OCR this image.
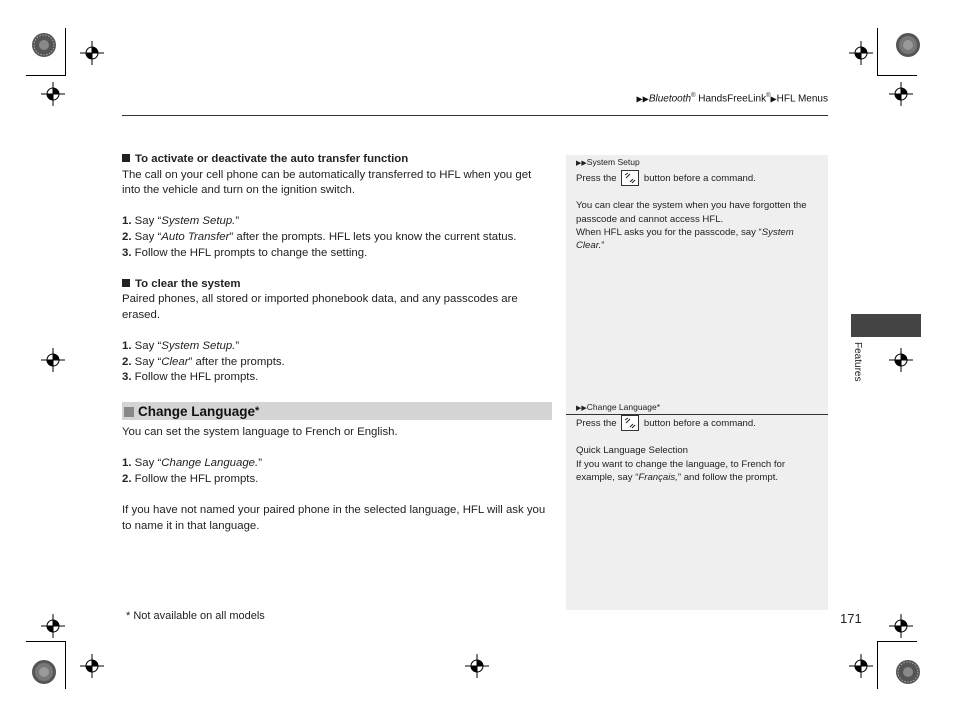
▶▶Bluetooth® HandsFreeLink®▶HFL Menus

To activate or deactivate the auto transfer function

The call on your cell phone can be automatically transferred to HFL when you get into the vehicle and turn on the ignition switch.

1. Say “System Setup.”

2. Say “Auto Transfer” after the prompts. HFL lets you know the current status.

3. Follow the HFL prompts to change the setting.

To clear the system

Paired phones, all stored or imported phonebook data, and any passcodes are erased.

1. Say “System Setup.”

2. Say “Clear” after the prompts.

3. Follow the HFL prompts.

Change Language*

You can set the system language to French or English.

1. Say “Change Language.”

2. Follow the HFL prompts.

If you have not named your paired phone in the selected language, HFL will ask you to name it in that language.

▶▶System Setup

Press the  button before a command.

You can clear the system when you have forgotten the passcode and cannot access HFL.

When HFL asks you for the passcode, say “System Clear.”

▶▶Change Language*

Press the  button before a command.

Quick Language Selection

If you want to change the language, to French for example, say “Français,” and follow the prompt.

Features
* Not available on all models	171
